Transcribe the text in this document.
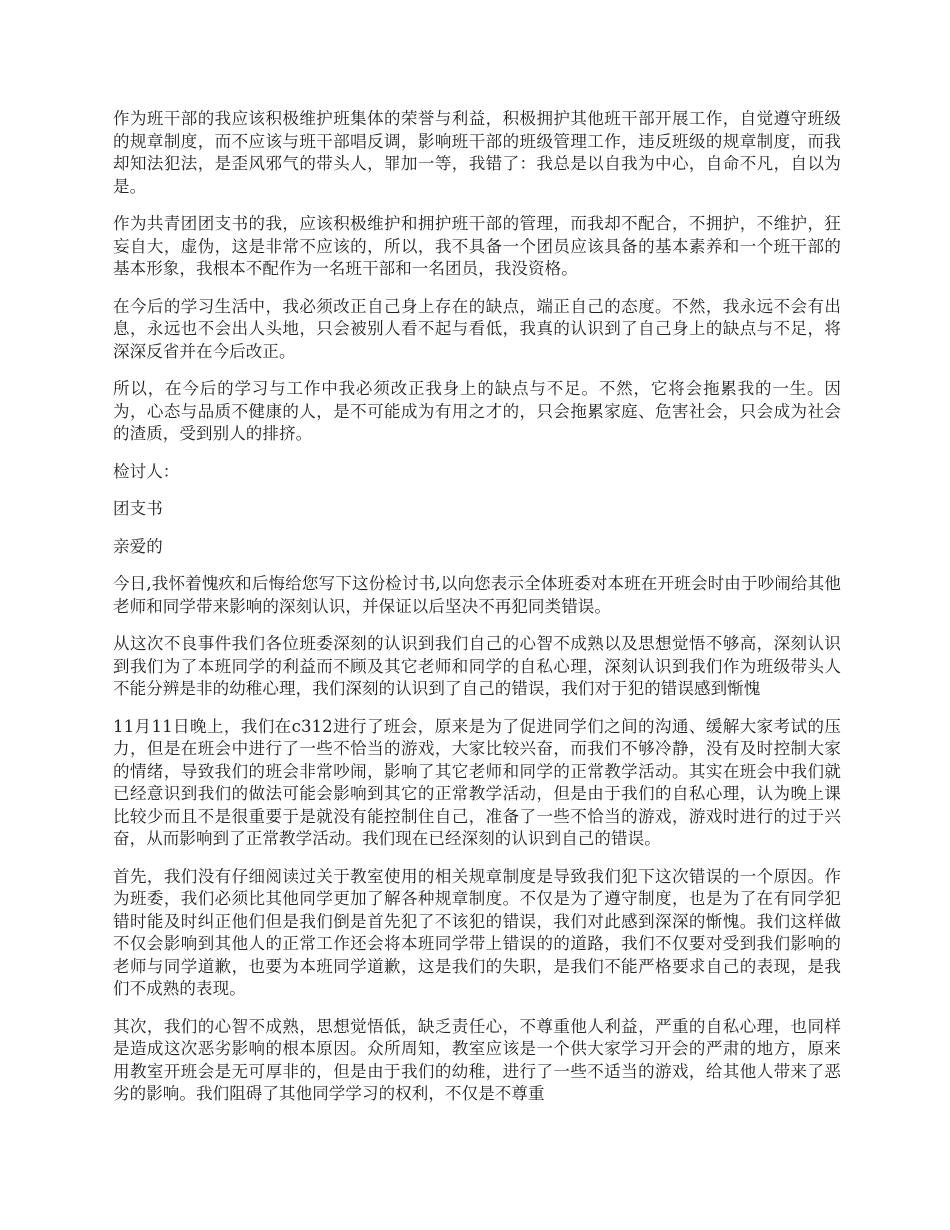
作为班干部的我应该积极维护班集体的荣誉与利益，积极拥护其他班干部开展工作，自觉遵守班级的规章制度，而不应该与班干部唱反调，影响班干部的班级管理工作，违反班级的规章制度，而我却知法犯法，是歪风邪气的带头人，罪加一等，我错了：我总是以自我为中心，自命不凡，自以为是。

作为共青团团支书的我，应该积极维护和拥护班干部的管理，而我却不配合，不拥护，不维护，狂妄自大，虚伪，这是非常不应该的，所以，我不具备一个团员应该具备的基本素养和一个班干部的基本形象，我根本不配作为一名班干部和一名团员，我没资格。

在今后的学习生活中，我必须改正自己身上存在的缺点，端正自己的态度。不然，我永远不会有出息，永远也不会出人头地，只会被别人看不起与看低，我真的认识到了自己身上的缺点与不足，将深深反省并在今后改正。

所以，在今后的学习与工作中我必须改正我身上的缺点与不足。不然，它将会拖累我的一生。因为，心态与品质不健康的人，是不可能成为有用之才的，只会拖累家庭、危害社会，只会成为社会的渣质，受到别人的排挤。

检讨人：

团支书

亲爱的

今日,我怀着愧疚和后悔给您写下这份检讨书,以向您表示全体班委对本班在开班会时由于吵闹给其他老师和同学带来影响的深刻认识，并保证以后坚决不再犯同类错误。

从这次不良事件我们各位班委深刻的认识到我们自己的心智不成熟以及思想觉悟不够高，深刻认识到我们为了本班同学的利益而不顾及其它老师和同学的自私心理，深刻认识到我们作为班级带头人不能分辨是非的幼稚心理，我们深刻的认识到了自己的错误，我们对于犯的错误感到惭愧

11月11日晚上，我们在c312进行了班会，原来是为了促进同学们之间的沟通、缓解大家考试的压力，但是在班会中进行了一些不恰当的游戏，大家比较兴奋，而我们不够冷静，没有及时控制大家的情绪，导致我们的班会非常吵闹，影响了其它老师和同学的正常教学活动。其实在班会中我们就已经意识到我们的做法可能会影响到其它的正常教学活动，但是由于我们的自私心理，认为晚上课比较少而且不是很重要于是就没有能控制住自己，准备了一些不恰当的游戏，游戏时进行的过于兴奋，从而影响到了正常教学活动。我们现在已经深刻的认识到自己的错误。

首先，我们没有仔细阅读过关于教室使用的相关规章制度是导致我们犯下这次错误的一个原因。作为班委，我们必须比其他同学更加了解各种规章制度。不仅是为了遵守制度，也是为了在有同学犯错时能及时纠正他们但是我们倒是首先犯了不该犯的错误，我们对此感到深深的惭愧。我们这样做不仅会影响到其他人的正常工作还会将本班同学带上错误的的道路，我们不仅要对受到我们影响的老师与同学道歉，也要为本班同学道歉，这是我们的失职，是我们不能严格要求自己的表现，是我们不成熟的表现。

其次，我们的心智不成熟，思想觉悟低，缺乏责任心，不尊重他人利益，严重的自私心理，也同样是造成这次恶劣影响的根本原因。众所周知，教室应该是一个供大家学习开会的严肃的地方，原来用教室开班会是无可厚非的，但是由于我们的幼稚，进行了一些不适当的游戏，给其他人带来了恶劣的影响。我们阻碍了其他同学学习的权利，不仅是不尊重
